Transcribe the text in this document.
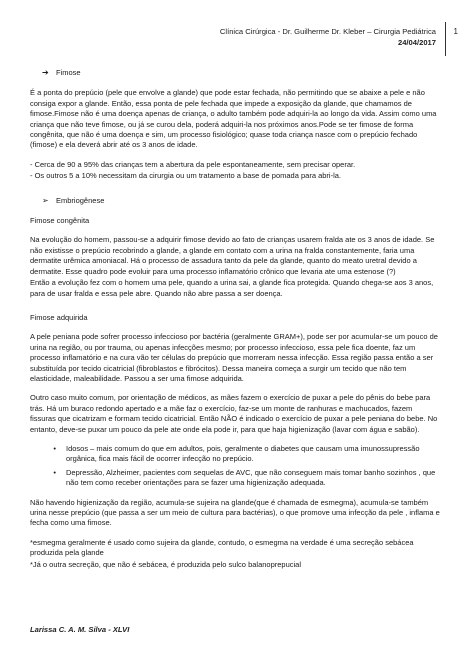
Clínica Cirúrgica - Dr. Guilherme Dr. Kleber – Cirurgia Pediátrica
24/04/2017
1
➔ Fimose

É a ponta do prepúcio (pele que envolve a glande) que pode estar fechada, não permitindo que se abaixe a pele e não consiga expor a glande. Então, essa ponta de pele fechada que impede a exposição da glande, que chamamos de fimose.Fimose não é uma doença apenas de criança, o adulto também pode adquiri-la ao longo da vida. Assim como uma criança que não teve fimose, ou já se curou dela, poderá adquiri-la nos próximos anos.Pode se ter fimose de forma congênita, que não é uma doença e sim, um processo fisiológico; quase toda criança nasce com o prepúcio fechado (fimose) e ela deverá abrir até os 3 anos de idade.

- Cerca de 90 a 95% das crianças tem a abertura da pele espontaneamente, sem precisar operar.

- Os outros 5 a 10% necessitam da cirurgia ou um tratamento a base de pomada para abri-la.

➢ Embriogênese

Fimose congênita

Na evolução do homem, passou-se a adquirir fimose devido ao fato de crianças usarem fralda ate os 3 anos de idade. Se não existisse o prepúcio recobrindo a glande, a glande em contato com a urina na fralda constantemente, faria uma dermatite urêmica amoniacal. Há o processo de assadura tanto da pele da glande, quanto do meato uretral devido a dermatite. Esse quadro pode evoluir para uma processo inflamatório crônico que levaria ate uma estenose (?)

Então a evolução fez com o homem uma pele, quando a urina sai, a glande fica protegida. Quando chega-se aos 3 anos, para de usar fralda e essa pele abre. Quando não abre passa a ser doença.

Fimose adquirida

A pele peniana pode sofrer processo infeccioso por bactéria (geralmente GRAM+), pode ser por acumular-se um pouco de urina na região, ou por trauma, ou apenas infecções mesmo; por processo infeccioso, essa pele fica doente, faz um processo inflamatório e na cura vão ter células do prepúcio que morreram nessa infecção. Essa região passa então a ser substituída por tecido cicatricial (fibroblastos e fibrócitos). Dessa maneira começa a surgir um tecido que não tem elasticidade, maleabilidade. Passou a ser uma fimose adquirida.

Outro caso muito comum, por orientação de médicos, as mães fazem o exercício de puxar a pele do pênis do bebe para trás. Há um buraco redondo apertado e a mãe faz o exercício, faz-se um monte de ranhuras e machucados, fazem fissuras que cicatrizam e formam tecido cicatricial. Então NÃO é indicado o exercício de puxar a pele peniana do bebe. No entanto, deve-se puxar um pouco da pele ate onde ela pode ir, para que haja higienização (lavar com água e sabão).

•	Idosos – mais comum do que em adultos, pois, geralmente o diabetes que causam uma imunossupressão orgânica, fica mais fácil de ocorrer infecção no prepúcio.
•	Depressão, Alzheimer, pacientes com sequelas de AVC, que não conseguem mais tomar banho sozinhos , que não tem como receber orientações para se fazer uma higienização adequada.

Não havendo higienização da região, acumula-se sujeira na glande(que é chamada de esmegma), acumula-se também urina nesse prepúcio (que passa a ser um meio de cultura para bactérias), o que promove uma infecção da pele , inflama e fecha como uma fimose.

*esmegma geralmente é usado como sujeira da glande, contudo, o esmegma na verdade é uma secreção sebácea produzida pela glande

*Já o outra secreção, que não é sebácea, é produzida pelo sulco balanoprepucial

Larissa C. A. M. Silva - XLVI
